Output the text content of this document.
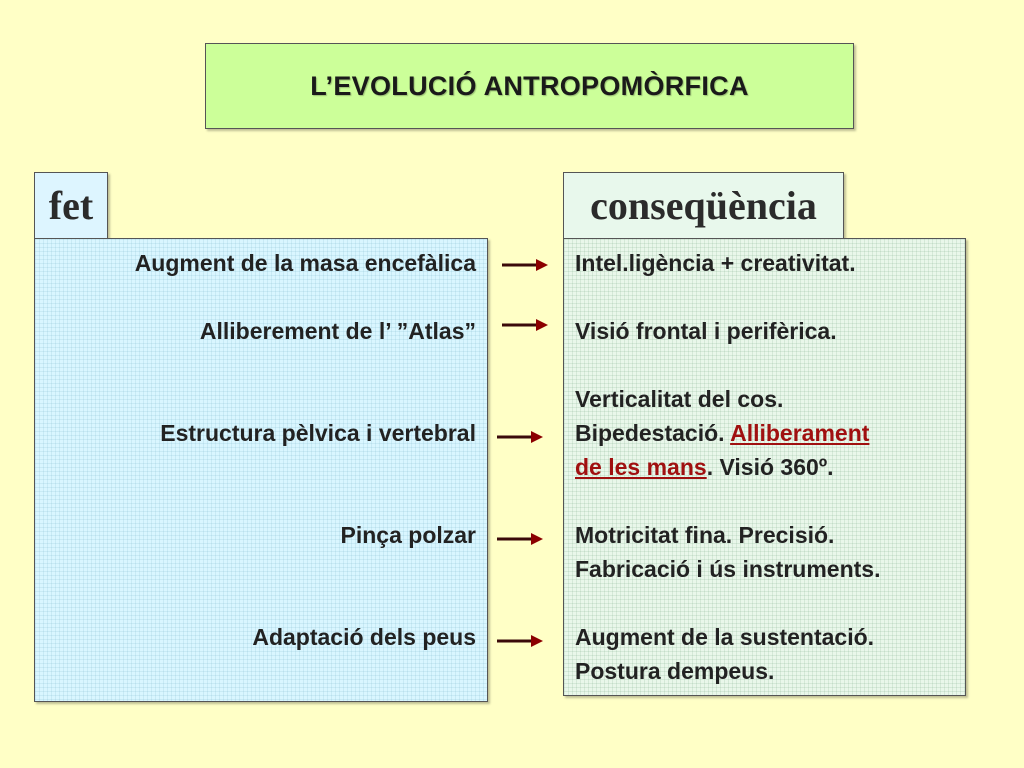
L’EVOLUCIÓ ANTROPOMÒRFICA
fet	conseqüència
Augment de la masa encefàlica
Alliberement de l’ ”Atlas”
Estructura pèlvica i vertebral
Pinça polzar
Adaptació dels peus
Intel.ligència + creativitat.
Visió frontal i perifèrica.
Verticalitat del cos.
Bipedestació. Alliberament
de les mans. Visió 360º.
Motricitat fina. Precisió.
Fabricació i ús instruments.
Augment de la sustentació.
Postura dempeus.
